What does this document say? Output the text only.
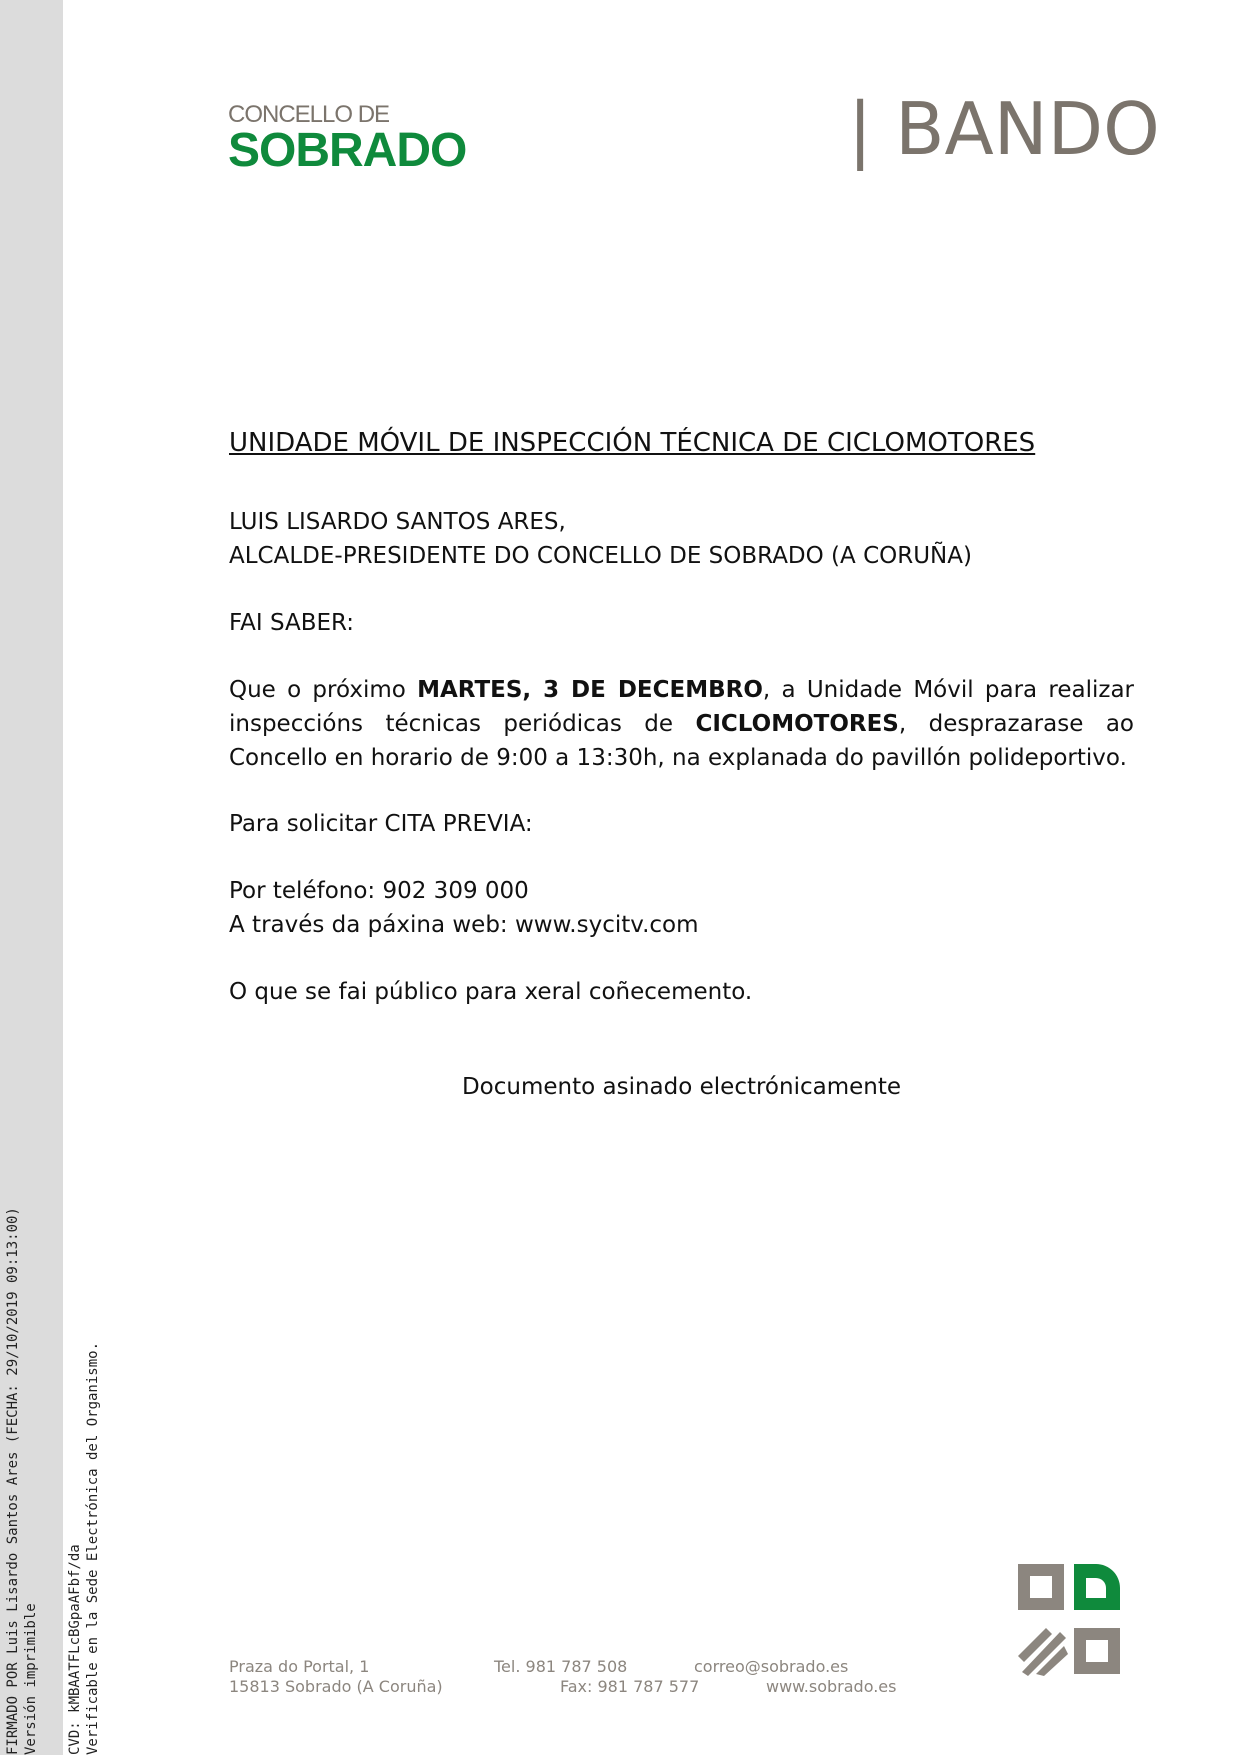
FIRMADO POR Luis Lisardo Santos Ares (FECHA: 29/10/2019 09:13:00) Versión imprimible CVD: kMBAATFLcBGpaAFbf/da Verificable en la Sede Electrónica del Organismo.
CONCELLO DE
SOBRADO	| BANDO
UNIDADE MÓVIL DE INSPECCIÓN TÉCNICA DE CICLOMOTORES
LUIS LISARDO SANTOS ARES,
ALCALDE-PRESIDENTE DO CONCELLO DE SOBRADO (A CORUÑA)
FAI SABER:
Que o próximo MARTES, 3 DE DECEMBRO, a Unidade Móvil para realizar inspeccións técnicas periódicas de CICLOMOTORES, desprazarase ao Concello en horario de 9:00 a 13:30h, na explanada do pavillón polideportivo.
Para solicitar CITA PREVIA:
Por teléfono: 902 309 000
A través da páxina web: www.sycitv.com
O que se fai público para xeral coñecemento.
Documento asinado electrónicamente
Praza do Portal, 1
15813 Sobrado (A Coruña)
Tel. 981 787 508
Fax: 981 787 577
correo@sobrado.es
www.sobrado.es
